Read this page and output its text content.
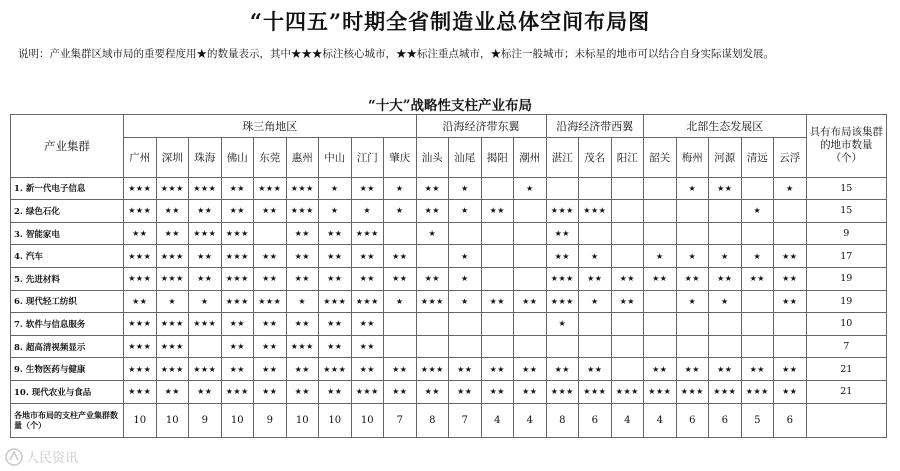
“十四五”时期全省制造业总体空间布局图
说明：产业集群区域市局的重要程度用★的数量表示，其中★★★标注核心城市，★★标注重点城市，★标注一般城市；未标星的地市可以结合自身实际谋划发展。
“十大”战略性支柱产业布局
产业集群	珠三角地区									沿海经济带东翼				沿海经济带西翼			北部生态发展区					具有布局该集群的地市数量（个）
	广州	深圳	珠海	佛山	东莞	惠州	中山	江门	肇庆	汕头	汕尾	揭阳	潮州	湛江	茂名	阳江	韶关	梅州	河源	清远	云浮	
1. 新一代电子信息	★★★	★★★	★★★	★★	★★★	★★★	★	★★	★	★★	★		★					★	★★		★	15
2. 绿色石化	★★★	★★	★★	★★	★★	★★★	★	★	★	★★	★	★★		★★★	★★★					★		15
3. 智能家电	★★	★★	★★★	★★★		★★	★★	★★★		★				★★								9
4. 汽车	★★★	★★★	★★	★★★	★★	★★	★★	★★	★★		★			★★	★		★	★	★	★	★★	17
5. 先进材料	★★★	★★★	★★	★★★	★★	★★	★★	★★	★★	★★	★			★★★	★★	★★	★★	★★	★★	★★	★★	19
6. 现代轻工纺织	★★	★	★	★★★	★★★	★	★★★	★★★	★	★★★	★	★★	★★	★★★	★	★★		★	★		★★	19
7. 软件与信息服务	★★★	★★★	★★★	★★	★★	★★	★★	★★						★								10
8. 超高清视频显示	★★★	★★★		★★	★★	★★★	★★	★★														7
9. 生物医药与健康	★★★	★★★	★★★	★★	★★	★★	★★★	★★	★★	★★★	★★	★★	★★	★★	★★		★★	★★	★★	★★	★★	21
10. 现代农业与食品	★★★	★★	★★	★★★	★★	★★	★★	★★★	★★	★★	★★	★★	★★	★★★	★★★	★★★	★★★	★★★	★★★	★★★	★★	21
各地市布局的支柱产业集群数量（个）	10	10	9	10	9	10	10	10	7	8	7	4	4	8	6	4	4	6	6	5	6	
人民资讯
